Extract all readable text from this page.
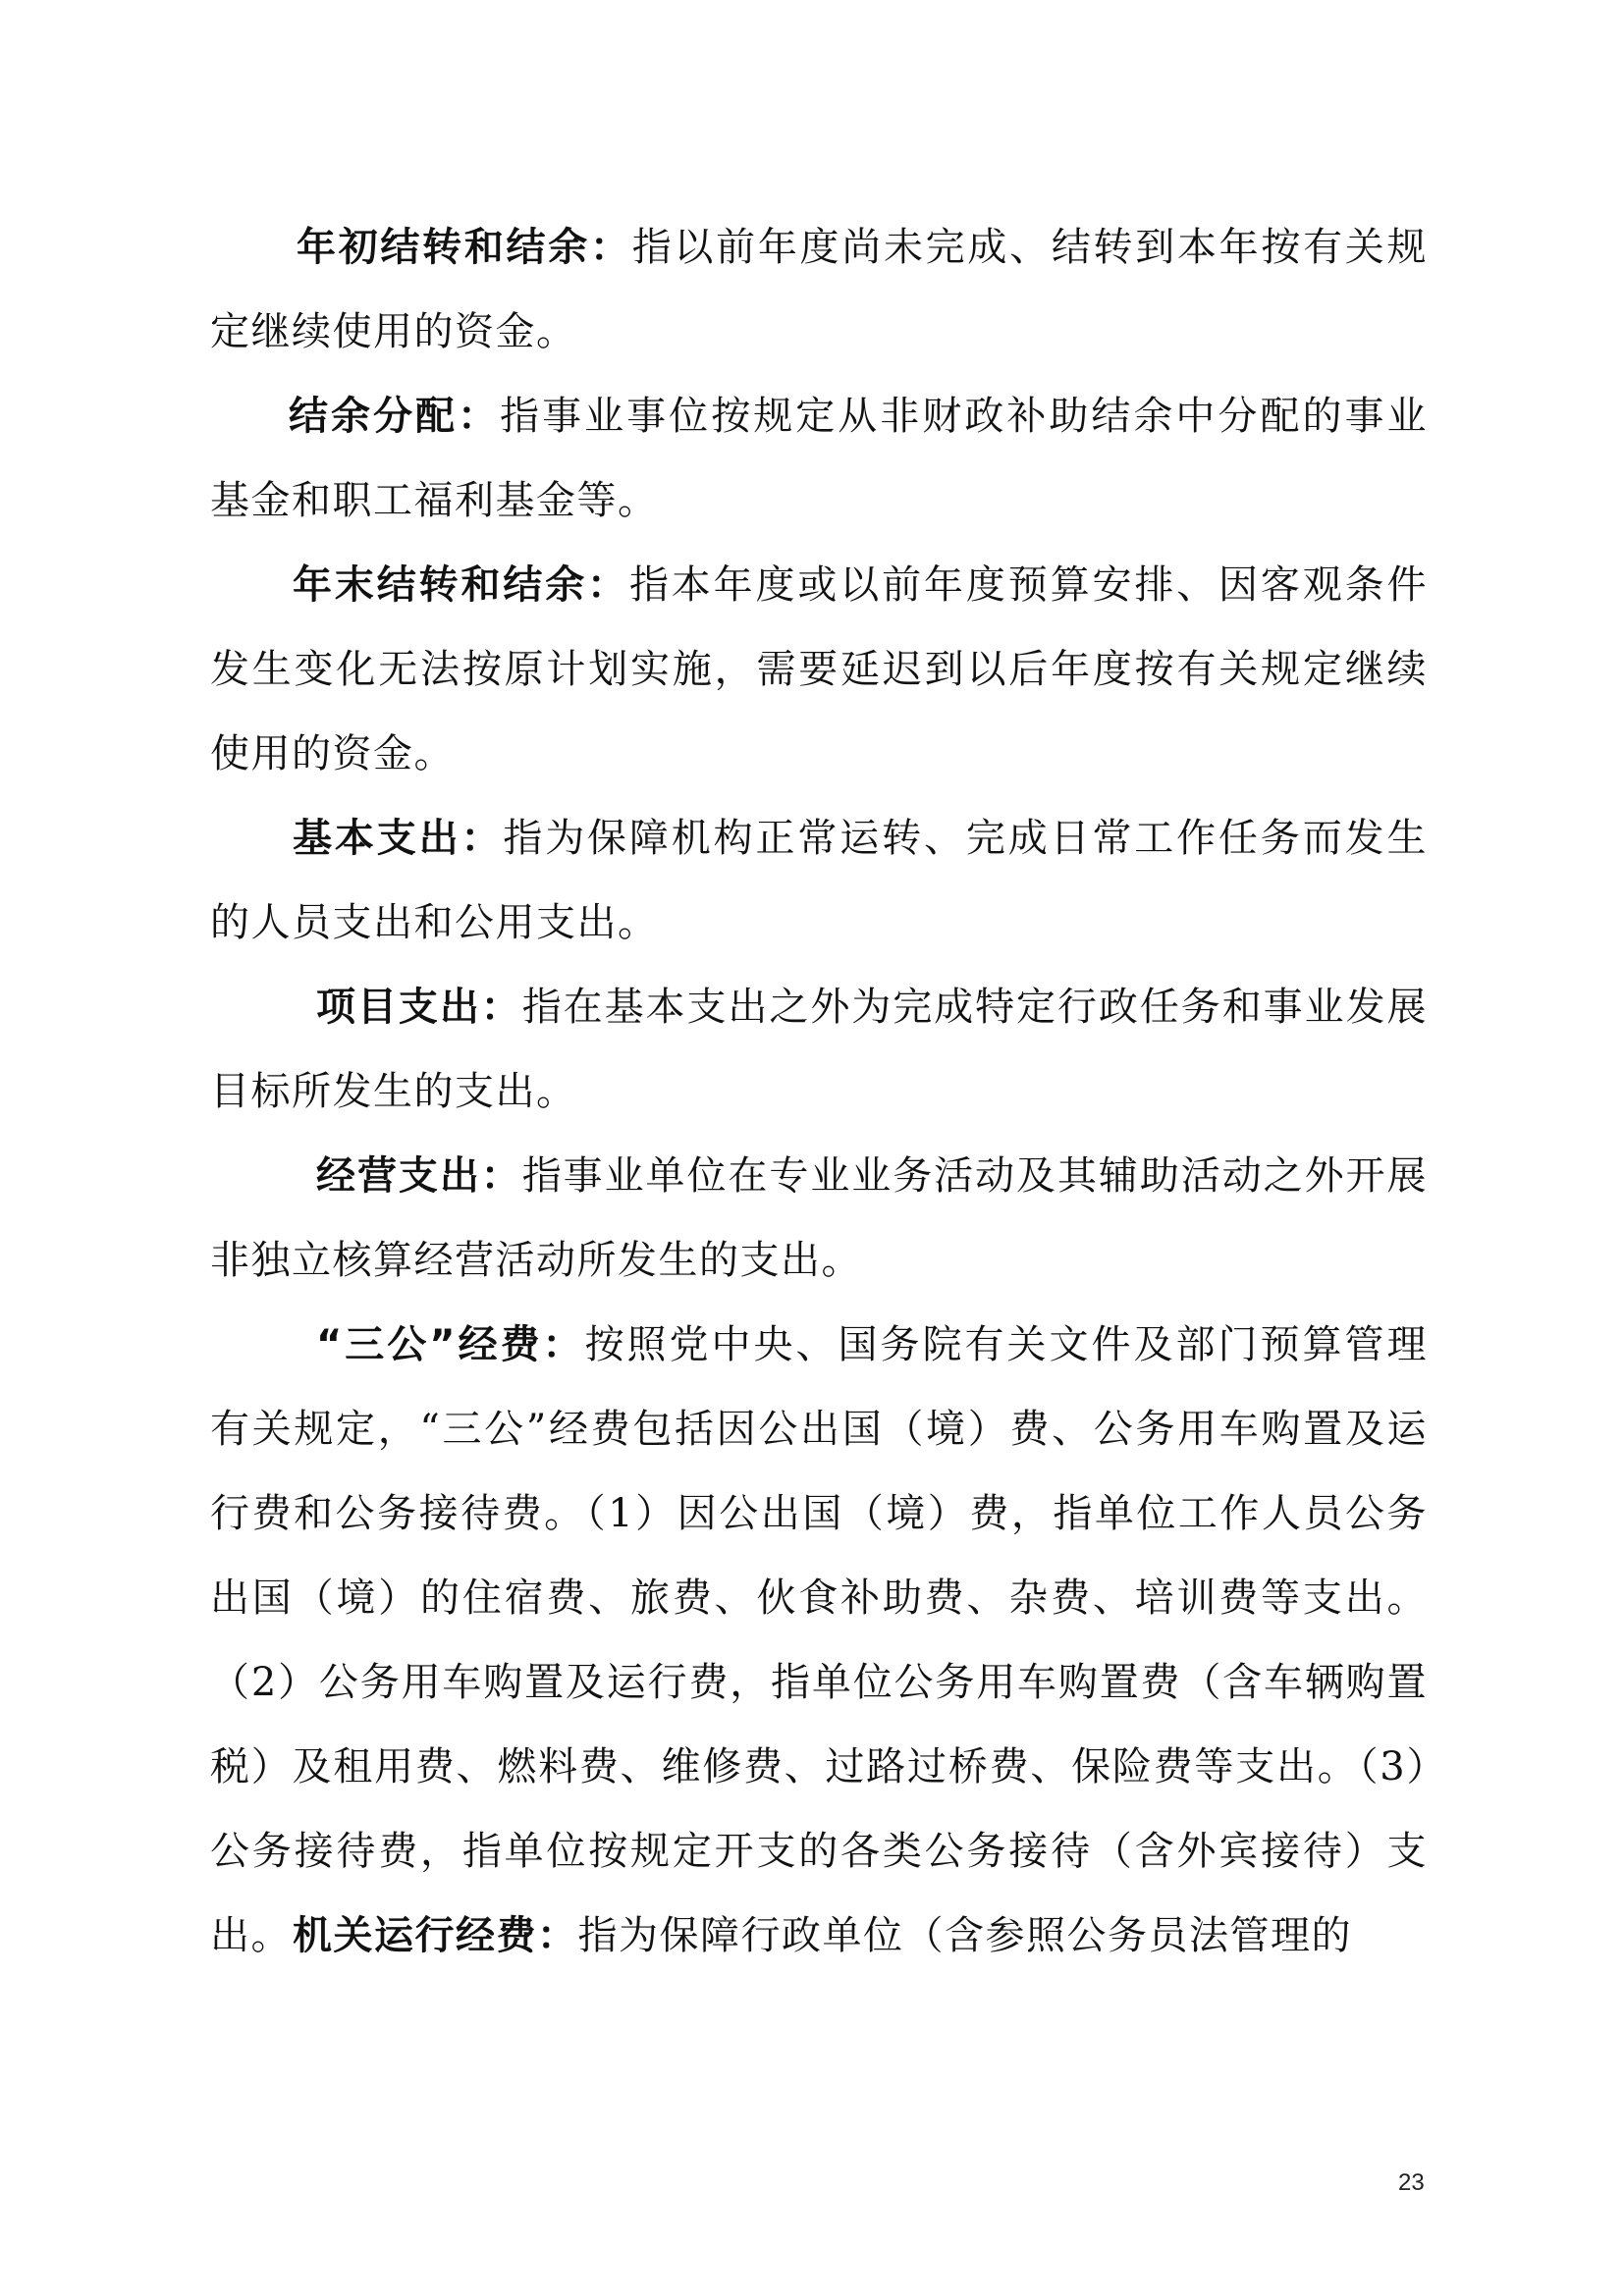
年初结转和结余：指以前年度尚未完成、结转到本年按有关规定继续使用的资金。

结余分配：指事业事位按规定从非财政补助结余中分配的事业基金和职工福利基金等。

年末结转和结余：指本年度或以前年度预算安排、因客观条件发生变化无法按原计划实施，需要延迟到以后年度按有关规定继续使用的资金。

基本支出：指为保障机构正常运转、完成日常工作任务而发生的人员支出和公用支出。

项目支出：指在基本支出之外为完成特定行政任务和事业发展目标所发生的支出。

经营支出：指事业单位在专业业务活动及其辅助活动之外开展非独立核算经营活动所发生的支出。

“三公”经费：按照党中央、国务院有关文件及部门预算管理有关规定，“三公”经费包括因公出国（境）费、公务用车购置及运行费和公务接待费。（1）因公出国（境）费，指单位工作人员公务出国（境）的住宿费、旅费、伙食补助费、杂费、培训费等支出。（2）公务用车购置及运行费，指单位公务用车购置费（含车辆购置税）及租用费、燃料费、维修费、过路过桥费、保险费等支出。（3）公务接待费，指单位按规定开支的各类公务接待（含外宾接待）支出。 机关运行经费：指为保障行政单位（含参照公务员法管理的

23
